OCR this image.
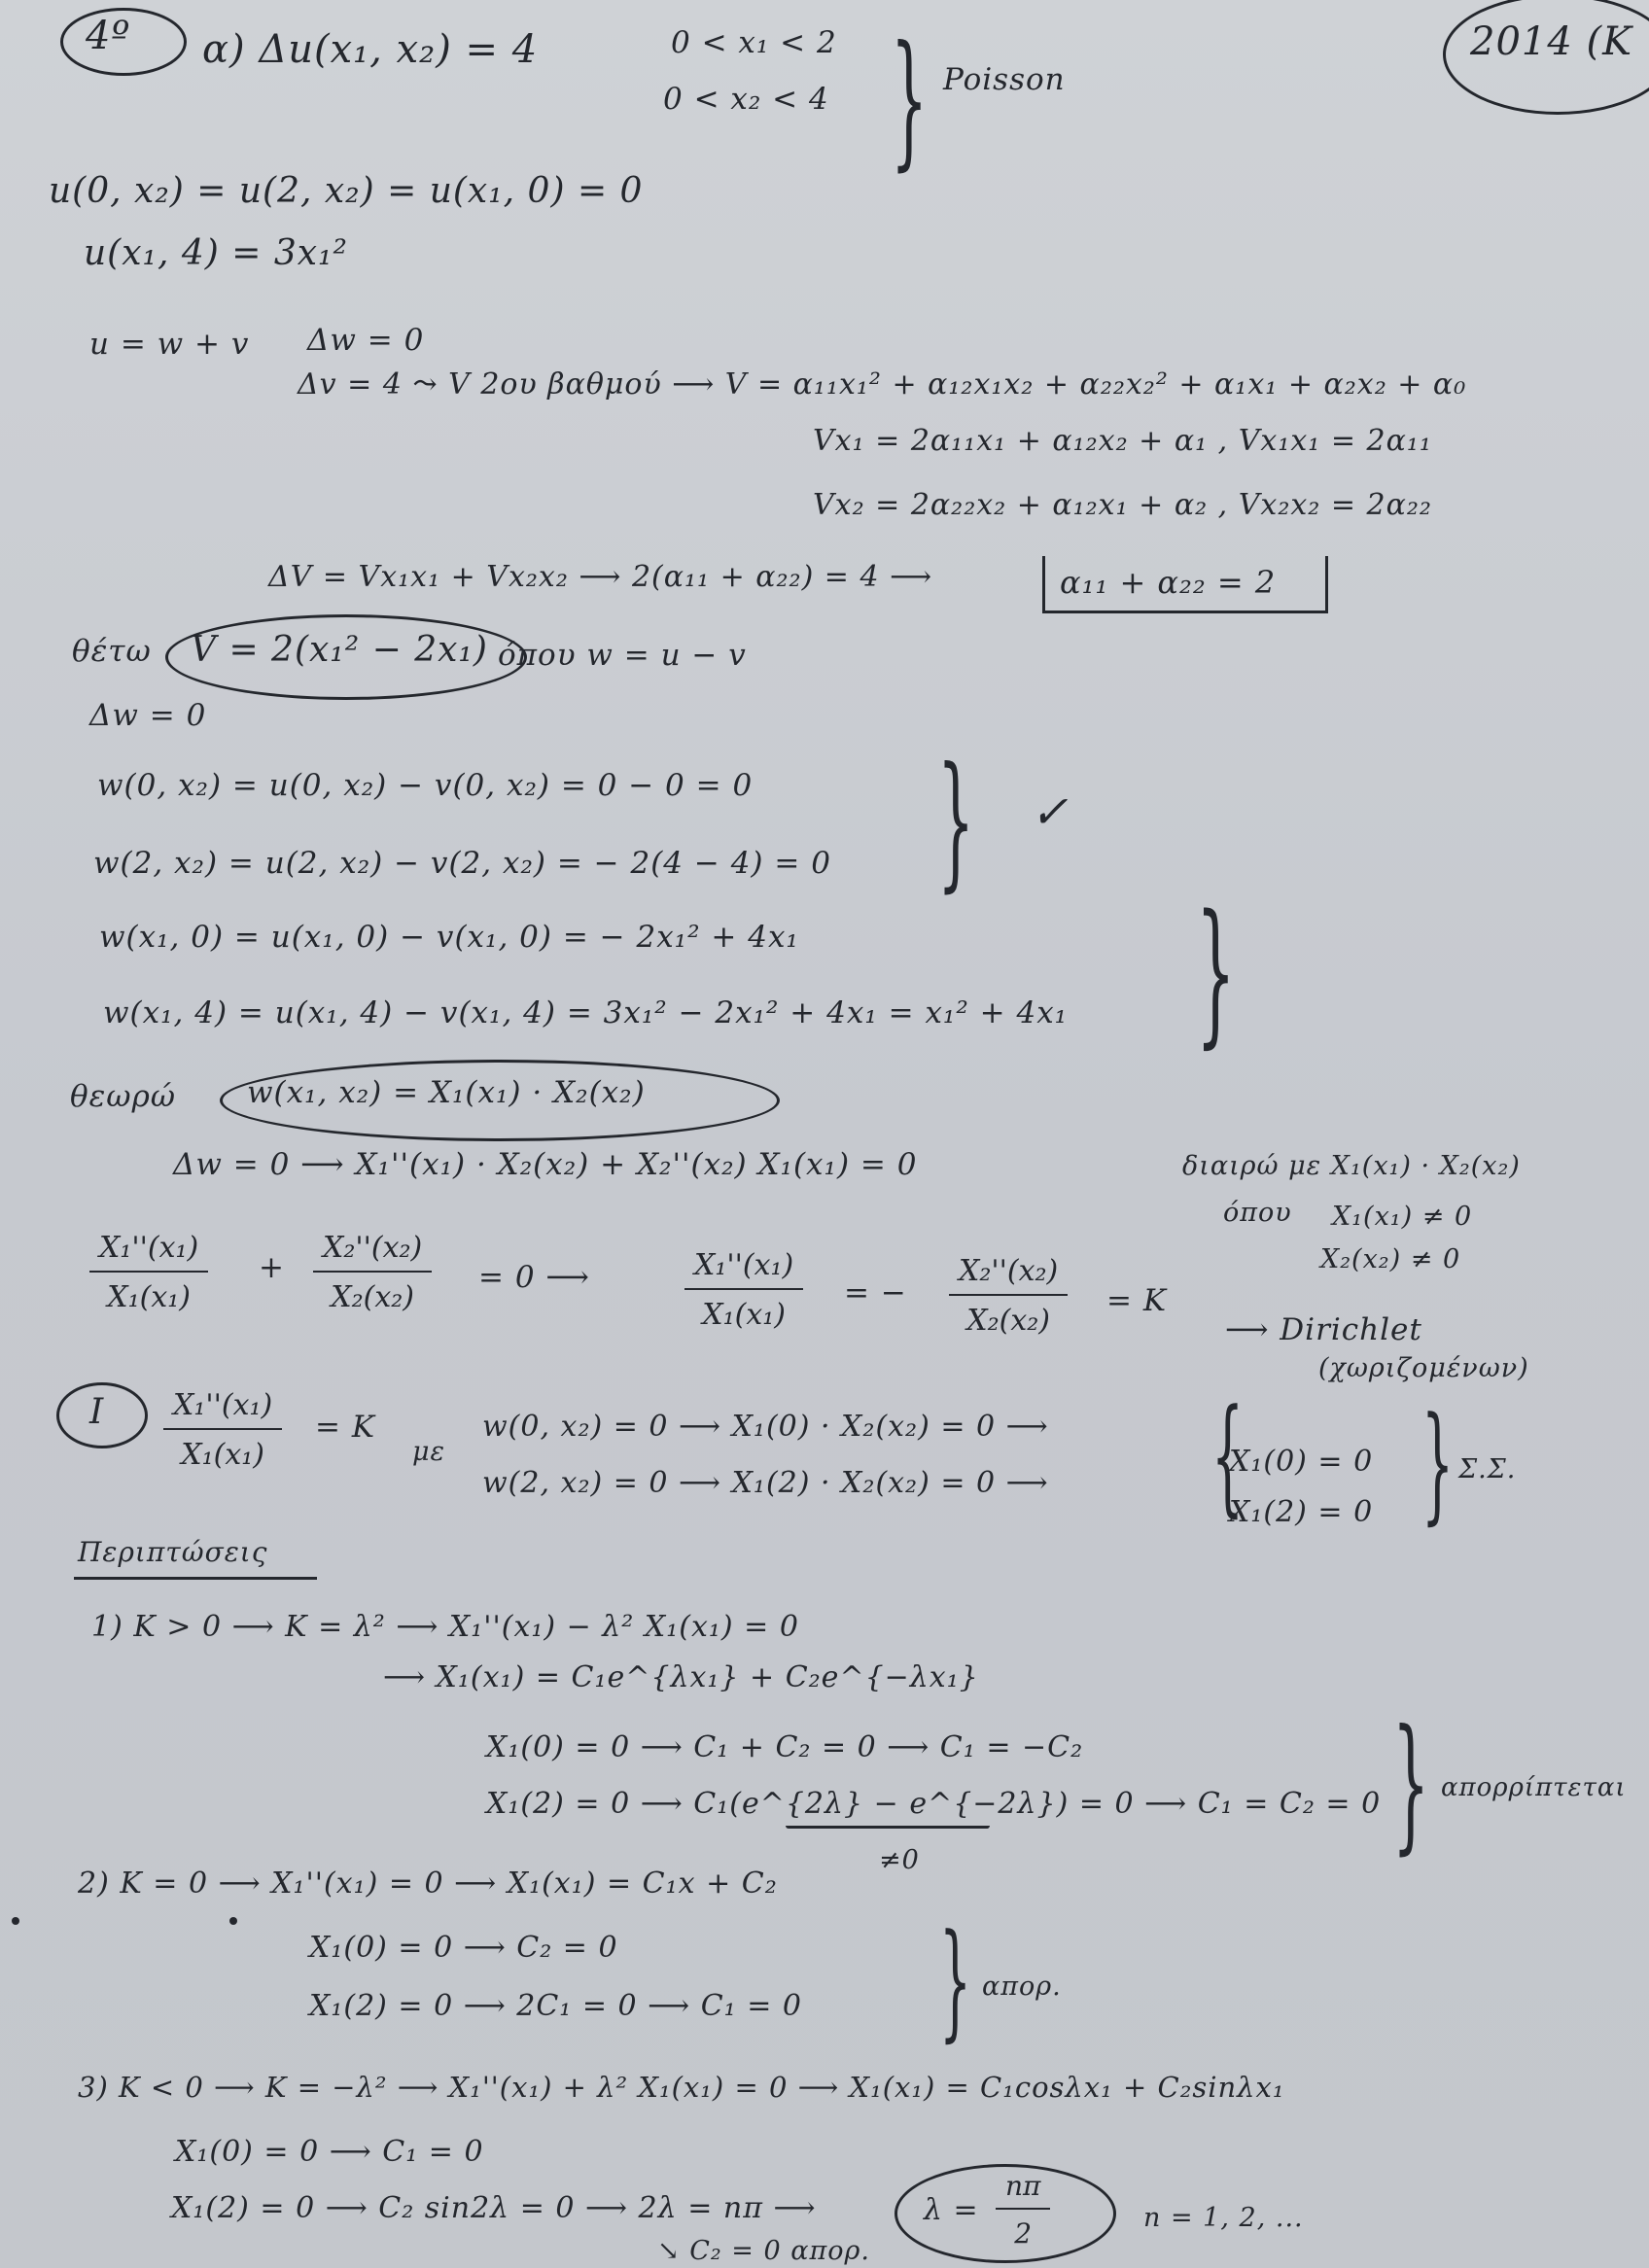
4º α) Δu(x₁, x₂) = 4	0 < x₁ < 2
0 < x₂ < 4 } Poisson
2014 (K
u(0, x₂) = u(2, x₂) = u(x₁, 0) = 0
u(x₁, 4) = 3x₁²
u = w + v Δw = 0
Δv = 4 ⤳ V 2ου βαθμού ⟶ V = α₁₁x₁² + α₁₂x₁x₂ + α₂₂x₂² + α₁x₁ + α₂x₂ + α₀
Vx₁ = 2α₁₁x₁ + α₁₂x₂ + α₁ , Vx₁x₁ = 2α₁₁
Vx₂ = 2α₂₂x₂ + α₁₂x₁ + α₂ , Vx₂x₂ = 2α₂₂
ΔV = Vx₁x₁ + Vx₂x₂ ⟶ 2(α₁₁ + α₂₂) = 4 ⟶	α₁₁ + α₂₂ = 2
θέτω V = 2(x₁² − 2x₁) όπου w = u − v
Δw = 0
w(0, x₂) = u(0, x₂) − v(0, x₂) = 0 − 0 = 0
w(2, x₂) = u(2, x₂) − v(2, x₂) = − 2(4 − 4) = 0 } ✓
w(x₁, 0) = u(x₁, 0) − v(x₁, 0) = − 2x₁² + 4x₁
w(x₁, 4) = u(x₁, 4) − v(x₁, 4) = 3x₁² − 2x₁² + 4x₁ = x₁² + 4x₁ }
θεωρώ w(x₁, x₂) = X₁(x₁) · X₂(x₂)
Δw = 0 ⟶ X₁''(x₁) · X₂(x₂) + X₂''(x₂) X₁(x₁) = 0	διαιρώ με X₁(x₁) · X₂(x₂)
όπου X₁(x₁) ≠ 0
X₂(x₂) ≠ 0
$\frac{\text{X₁''(x₁)}}{\text{X₁(x₁)}} + \frac{\text{X₂''(x₂)}}{\text{X₂(x₂)}} = 0$ ⟶	$\frac{\text{X₁''(x₁)}}{\text{X₁(x₁)}}$ = − $\frac{\text{X₂''(x₂)}}{\text{X₂(x₂)}} = K$
⟶ Dirichlet
(χωριζομένων)
I $\frac{\text{X₁''(x₁)}}{\text{X₁(x₁)}} = K$
με
w(0, x₂) = 0 ⟶ X₁(0) · X₂(x₂) = 0 ⟶
w(2, x₂) = 0 ⟶ X₁(2) · X₂(x₂) = 0 ⟶ {
X₁(0) = 0
X₁(2) = 0 } Σ.Σ.
Περιπτώσεις
1) K > 0 ⟶ K = λ² ⟶ X₁''(x₁) − λ² X₁(x₁) = 0
⟶ X₁(x₁) = C₁e^{λx₁} + C₂e^{−λx₁}
X₁(0) = 0 ⟶ C₁ + C₂ = 0 ⟶ C₁ = −C₂
X₁(2) = 0 ⟶ C₁(e^{2λ} − e^{−2λ}) = 0 ⟶ C₁ = C₂ = 0
≠0	} απορρίπτεται
2) K = 0 ⟶ X₁''(x₁) = 0 ⟶ X₁(x₁) = C₁x + C₂
X₁(0) = 0 ⟶ C₂ = 0
X₁(2) = 0 ⟶ 2C₁ = 0 ⟶ C₁ = 0 } απορ.
3) K < 0 ⟶ K = −λ² ⟶ X₁''(x₁) + λ² X₁(x₁) = 0 ⟶ X₁(x₁) = C₁cosλx₁ + C₂sinλx₁
X₁(0) = 0 ⟶ C₁ = 0
X₁(2) = 0 ⟶ C₂ sin2λ = 0 ⟶ 2λ = nπ ⟶	$\lambda = \frac{n\pi}{2}$	n = 1, 2, ...
↘ C₂ = 0 απορ.
